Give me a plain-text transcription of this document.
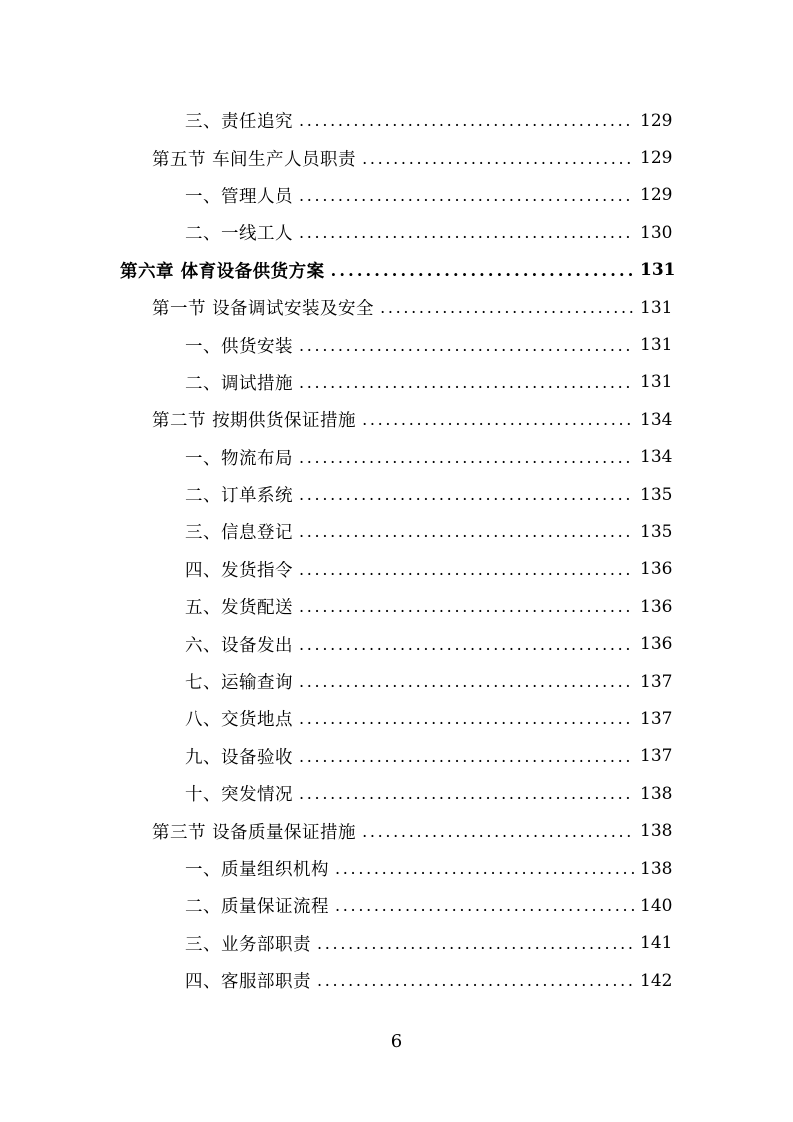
三、责任追究 . . .	129
第五节 车间生产人员职责 . . .	129
一、管理人员 . . .	129
二、一线工人 . . .	130
第六章 体育设备供货方案 . . .	131
第一节 设备调试安装及安全 . . .	131
一、供货安装 . . .	131
二、调试措施 . . .	131
第二节 按期供货保证措施 . . .	134
一、物流布局 . . .	134
二、订单系统 . . .	135
三、信息登记 . . .	135
四、发货指令 . . .	136
五、发货配送 . . .	136
六、设备发出 . . .	136
七、运输查询 . . .	137
八、交货地点 . . .	137
九、设备验收 . . .	137
十、突发情况 . . .	138
第三节 设备质量保证措施 . . .	138
一、质量组织机构 . . .	138
二、质量保证流程 . . .	140
三、业务部职责 . . .	141
四、客服部职责 . . .	142
6
